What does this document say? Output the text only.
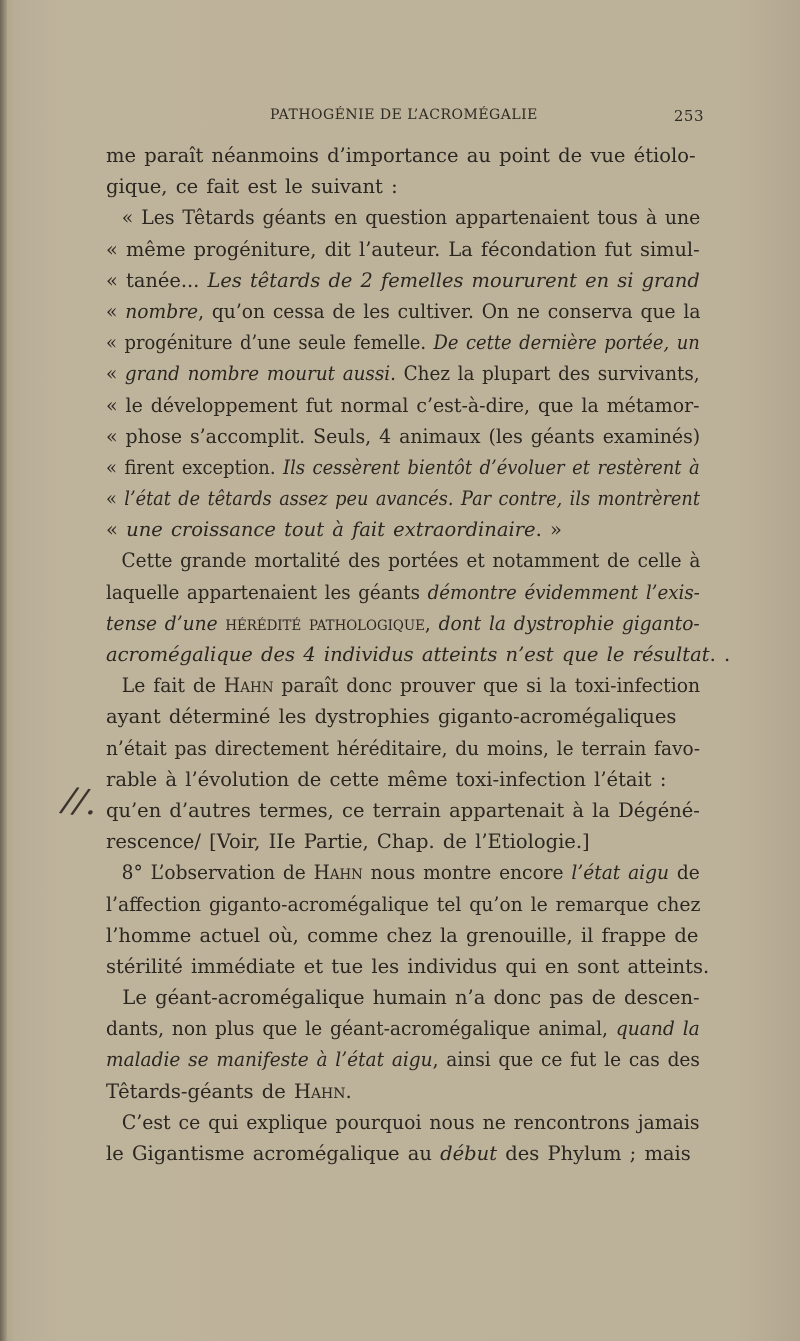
PATHOGÉNIE DE L’ACROMÉGALIE	253
me paraît néanmoins d’importance au point de vue étiolo-
gique, ce fait est le suivant :
« Les Têtards géants en question appartenaient tous à une
« même progéniture, dit l’auteur. La fécondation fut simul-
« tanée... Les têtards de 2 femelles moururent en si grand
« nombre, qu’on cessa de les cultiver. On ne conserva que la
« progéniture d’une seule femelle. De cette dernière portée, un
« grand nombre mourut aussi. Chez la plupart des survivants,
« le développement fut normal c’est-à-dire, que la métamor-
« phose s’accomplit. Seuls, 4 animaux (les géants examinés)
« firent exception. Ils cessèrent bientôt d’évoluer et restèrent à
« l’état de têtards assez peu avancés. Par contre, ils montrèrent
« une croissance tout à fait extraordinaire. »
Cette grande mortalité des portées et notamment de celle à
laquelle appartenaient les géants démontre évidemment l’exis-
tense d’une hérédité pathologique, dont la dystrophie giganto-
acromégalique des 4 individus atteints n’est que le résultat. .
Le fait de Hahn paraît donc prouver que si la toxi-infection
ayant déterminé les dystrophies giganto-acromégaliques
n’était pas directement héréditaire, du moins, le terrain favo-
rable à l’évolution de cette même toxi-infection l’était :
qu’en d’autres termes, ce terrain appartenait à la Dégéné-
rescence/ [Voir, IIe Partie, Chap. de l’Etiologie.]
8° L’observation de Hahn nous montre encore l’état aigu de
l’affection giganto-acromégalique tel qu’on le remarque chez
l’homme actuel où, comme chez la grenouille, il frappe de
stérilité immédiate et tue les individus qui en sont atteints.
Le géant-acromégalique humain n’a donc pas de descen-
dants, non plus que le géant-acromégalique animal, quand la
maladie se manifeste à l’état aigu, ainsi que ce fut le cas des
Têtards-géants de Hahn.
C’est ce qui explique pourquoi nous ne rencontrons jamais
le Gigantisme acromégalique au début des Phylum ; mais
//.
